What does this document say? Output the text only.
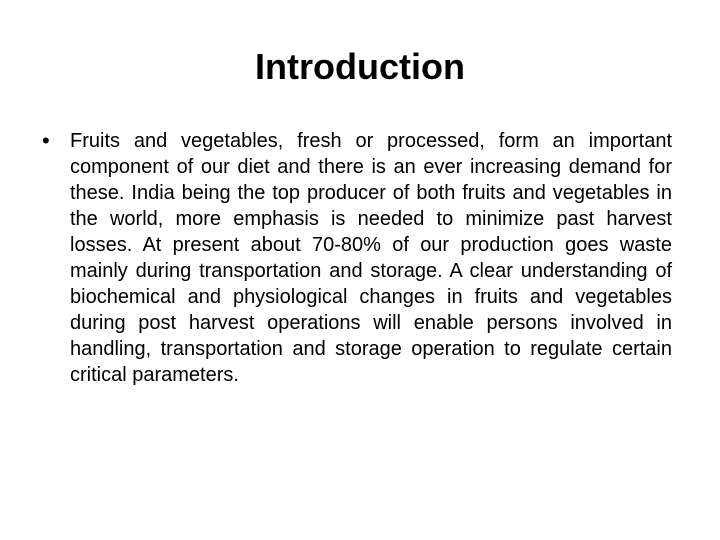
Introduction
•	Fruits and vegetables, fresh or processed, form an important component of our diet and there is an ever increasing demand for these. India being the top producer of both fruits and vegetables in the world, more emphasis is needed to minimize past harvest losses. At present about 70-80% of our production goes waste mainly during transportation and storage. A clear understanding of biochemical and physiological changes in fruits and vegetables during post harvest operations will enable persons involved in handling, transportation and storage operation to regulate certain critical parameters.
